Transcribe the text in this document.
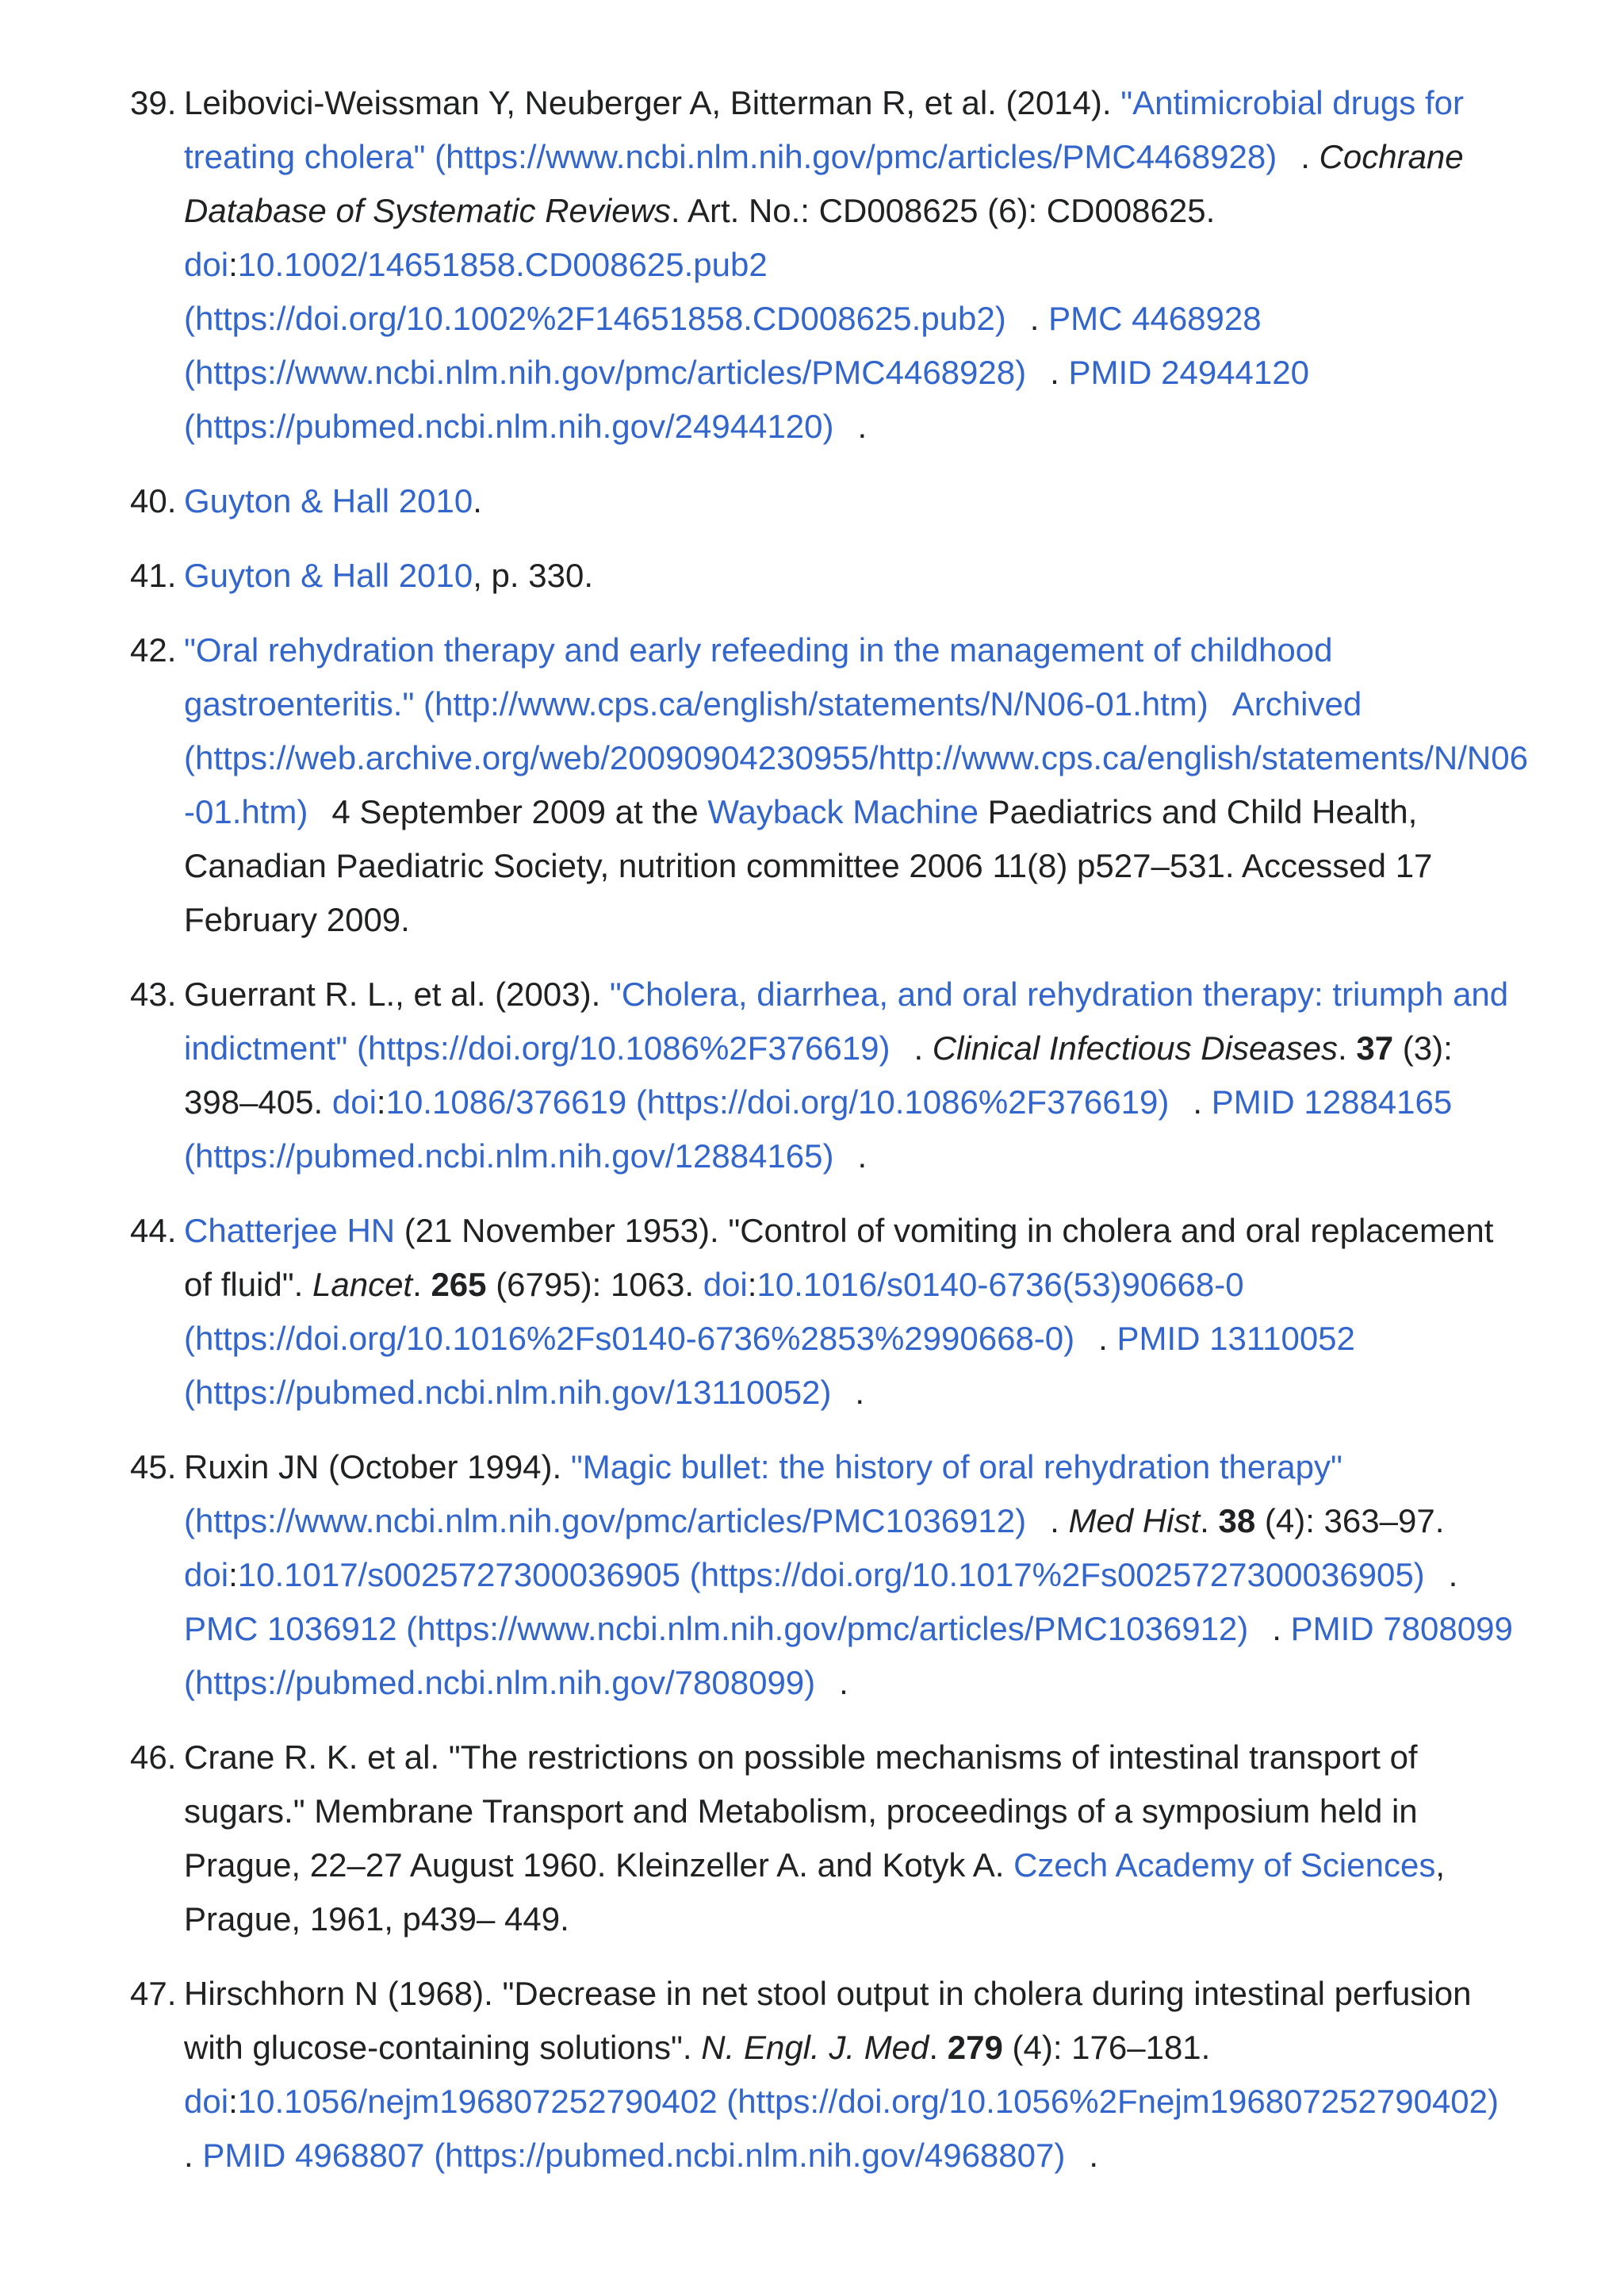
39. Leibovici-Weissman Y, Neuberger A, Bitterman R, et al. (2014). "Antimicrobial drugs for treating cholera" (https://www.ncbi.nlm.nih.gov/pmc/articles/PMC4468928) . Cochrane Database of Systematic Reviews. Art. No.: CD008625 (6): CD008625. doi:10.1002/14651858.CD008625.pub2 (https://doi.org/10.1002%2F14651858.CD008625.pub2) . PMC 4468928 (https://www.ncbi.nlm.nih.gov/pmc/articles/PMC4468928) . PMID 24944120 (https://pubmed.ncbi.nlm.nih.gov/24944120) .
40. Guyton & Hall 2010.
41. Guyton & Hall 2010, p. 330.
42. "Oral rehydration therapy and early refeeding in the management of childhood gastroenteritis." (http://www.cps.ca/english/statements/N/N06-01.htm) Archived (https://web.archive.org/web/20090904230955/http://www.cps.ca/english/statements/N/N06-01.htm) 4 September 2009 at the Wayback Machine Paediatrics and Child Health, Canadian Paediatric Society, nutrition committee 2006 11(8) p527–531. Accessed 17 February 2009.
43. Guerrant R. L., et al. (2003). "Cholera, diarrhea, and oral rehydration therapy: triumph and indictment" (https://doi.org/10.1086%2F376619) . Clinical Infectious Diseases. 37 (3): 398–405. doi:10.1086/376619 (https://doi.org/10.1086%2F376619) . PMID 12884165 (https://pubmed.ncbi.nlm.nih.gov/12884165) .
44. Chatterjee HN (21 November 1953). "Control of vomiting in cholera and oral replacement of fluid". Lancet. 265 (6795): 1063. doi:10.1016/s0140-6736(53)90668-0 (https://doi.org/10.1016%2Fs0140-6736%2853%2990668-0) . PMID 13110052 (https://pubmed.ncbi.nlm.nih.gov/13110052) .
45. Ruxin JN (October 1994). "Magic bullet: the history of oral rehydration therapy" (https://www.ncbi.nlm.nih.gov/pmc/articles/PMC1036912) . Med Hist. 38 (4): 363–97. doi:10.1017/s0025727300036905 (https://doi.org/10.1017%2Fs0025727300036905) . PMC 1036912 (https://www.ncbi.nlm.nih.gov/pmc/articles/PMC1036912) . PMID 7808099 (https://pubmed.ncbi.nlm.nih.gov/7808099) .
46. Crane R. K. et al. "The restrictions on possible mechanisms of intestinal transport of sugars." Membrane Transport and Metabolism, proceedings of a symposium held in Prague, 22–27 August 1960. Kleinzeller A. and Kotyk A. Czech Academy of Sciences, Prague, 1961, p439– 449.
47. Hirschhorn N (1968). "Decrease in net stool output in cholera during intestinal perfusion with glucose-containing solutions". N. Engl. J. Med. 279 (4): 176–181. doi:10.1056/nejm196807252790402 (https://doi.org/10.1056%2Fnejm196807252790402). PMID 4968807 (https://pubmed.ncbi.nlm.nih.gov/4968807) .
